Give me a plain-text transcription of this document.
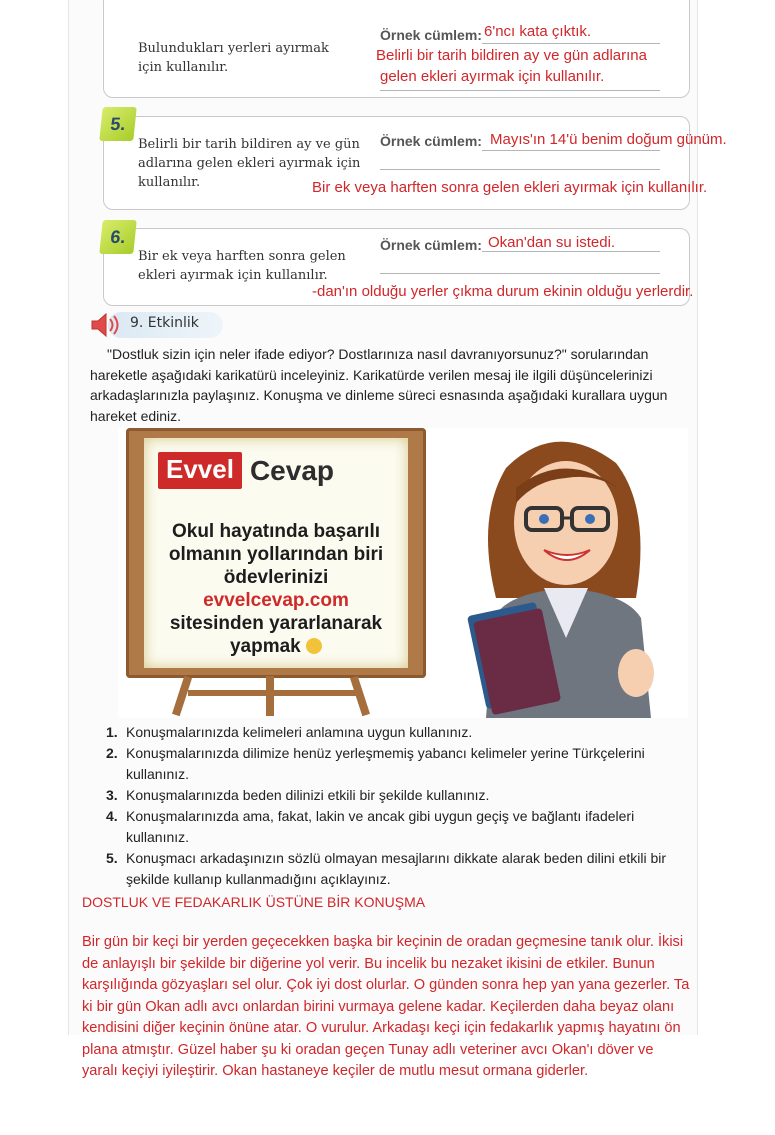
Bulundukları yerleri ayırmak
için kullanılır.
Örnek cümlem: 6'ncı kata çıktık.
Belirli bir tarih bildiren ay ve gün adlarına
gelen ekleri ayırmak için kullanılır.
Belirli bir tarih bildiren ay ve gün
adlarına gelen ekleri ayırmak için
kullanılır.
Örnek cümlem:
5.
Mayıs'ın 14'ü benim doğum günüm.
Bir ek veya harften sonra gelen ekleri ayırmak için kullanılır.
Bir ek veya harften sonra gelen
ekleri ayırmak için kullanılır.
Örnek cümlem:
6.	Okan'dan su istedi.
-dan'ın olduğu yerler çıkma durum ekinin olduğu yerlerdir.
9. Etkinlik

"Dostluk sizin için neler ifade ediyor? Dostlarınıza nasıl davranıyorsunuz?" sorularından hareketle aşağıdaki karikatürü inceleyiniz. Karikatürde verilen mesaj ile ilgili düşüncelerinizi arkadaşlarınızla paylaşınız. Konuşma ve dinleme süreci esnasında aşağıdaki kurallara uygun hareket ediniz.

Evvel Cevap
Okul hayatında başarılı
olmanın yollarından biri
ödevlerinizi
evvelcevap.com
sitesinden yararlanarak
yapmak
1. Konuşmalarınızda kelimeleri anlamına uygun kullanınız.
2. Konuşmalarınızda dilimize henüz yerleşmemiş yabancı kelimeler yerine Türkçelerini kullanınız.
3. Konuşmalarınızda beden dilinizi etkili bir şekilde kullanınız.
4. Konuşmalarınızda ama, fakat, lakin ve ancak gibi uygun geçiş ve bağlantı ifadeleri kullanınız.
5. Konuşmacı arkadaşınızın sözlü olmayan mesajlarını dikkate alarak beden dilini etkili bir şekilde kullanıp kullanmadığını açıklayınız.
DOSTLUK VE FEDAKARLIK ÜSTÜNE BİR KONUŞMA
Bir gün bir keçi bir yerden geçecekken başka bir keçinin de oradan geçmesine tanık olur. İkisi de anlayışlı bir şekilde bir diğerine yol verir. Bu incelik bu nezaket ikisini de etkiler. Bunun karşılığında gözyaşları sel olur. Çok iyi dost olurlar. O günden sonra hep yan yana gezerler. Ta ki bir gün Okan adlı avcı onlardan birini vurmaya gelene kadar. Keçilerden daha beyaz olanı kendisini diğer keçinin önüne atar. O vurulur. Arkadaşı keçi için fedakarlık yapmış hayatını ön plana atmıştır. Güzel haber şu ki oradan geçen Tunay adlı veteriner avcı Okan'ı döver ve yaralı keçiyi iyileştirir. Okan hastaneye keçiler de mutlu mesut ormana giderler.
